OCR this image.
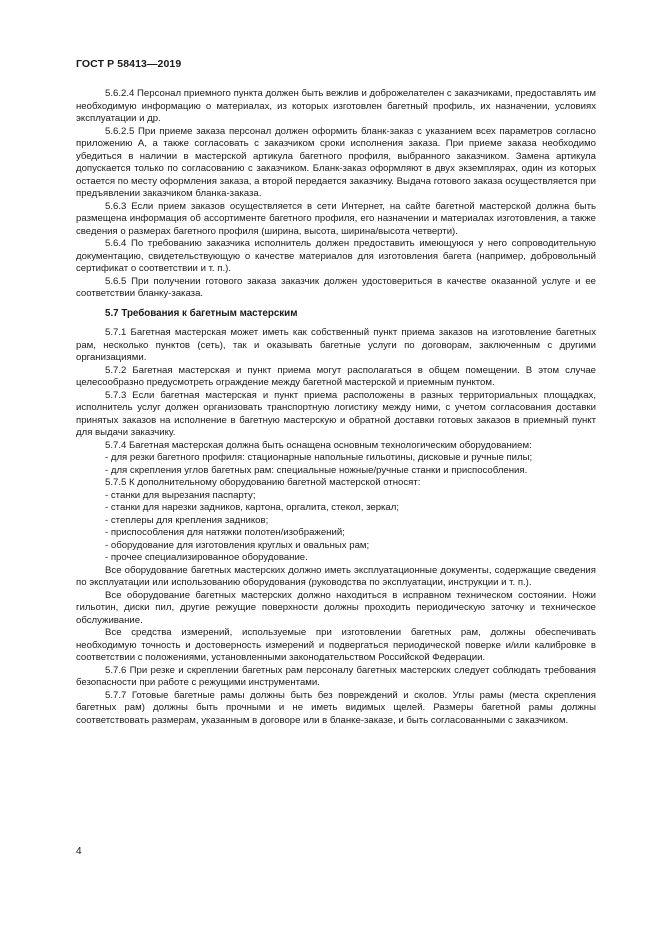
ГОСТ Р 58413—2019

5.6.2.4 Персонал приемного пункта должен быть вежлив и доброжелателен с заказчиками, предоставлять им необходимую информацию о материалах, из которых изготовлен багетный профиль, их назначении, условиях эксплуатации и др.

5.6.2.5 При приеме заказа персонал должен оформить бланк-заказ с указанием всех параметров согласно приложению А, а также согласовать с заказчиком сроки исполнения заказа. При приеме заказа необходимо убедиться в наличии в мастерской артикула багетного профиля, выбранного заказчиком. Замена артикула допускается только по согласованию с заказчиком. Бланк-заказ оформляют в двух экземплярах, один из которых остается по месту оформления заказа, а второй передается заказчику. Выдача готового заказа осуществляется при предъявлении заказчиком бланка-заказа.

5.6.3 Если прием заказов осуществляется в сети Интернет, на сайте багетной мастерской должна быть размещена информация об ассортименте багетного профиля, его назначении и материалах изготовления, а также сведения о размерах багетного профиля (ширина, высота, ширина/высота четверти).

5.6.4 По требованию заказчика исполнитель должен предоставить имеющуюся у него сопроводительную документацию, свидетельствующую о качестве материалов для изготовления багета (например, добровольный сертификат о соответствии и т. п.).

5.6.5 При получении готового заказа заказчик должен удостовериться в качестве оказанной услуге и ее соответствии бланку-заказа.

5.7 Требования к багетным мастерским

5.7.1 Багетная мастерская может иметь как собственный пункт приема заказов на изготовление багетных рам, несколько пунктов (сеть), так и оказывать багетные услуги по договорам, заключенным с другими организациями.

5.7.2 Багетная мастерская и пункт приема могут располагаться в общем помещении. В этом случае целесообразно предусмотреть ограждение между багетной мастерской и приемным пунктом.

5.7.3 Если багетная мастерская и пункт приема расположены в разных территориальных площадках, исполнитель услуг должен организовать транспортную логистику между ними, с учетом согласования доставки принятых заказов на исполнение в багетную мастерскую и обратной доставки готовых заказов в приемный пункт для выдачи заказчику.

5.7.4 Багетная мастерская должна быть оснащена основным технологическим оборудованием:

- для резки багетного профиля: стационарные напольные гильотины, дисковые и ручные пилы;

- для скрепления углов багетных рам: специальные ножные/ручные станки и приспособления.

5.7.5 К дополнительному оборудованию багетной мастерской относят:

- станки для вырезания паспарту;

- станки для нарезки задников, картона, оргалита, стекол, зеркал;

- степлеры для крепления задников;

- приспособления для натяжки полотен/изображений;

- оборудование для изготовления круглых и овальных рам;

- прочее специализированное оборудование.

Все оборудование багетных мастерских должно иметь эксплуатационные документы, содержащие сведения по эксплуатации или использованию оборудования (руководства по эксплуатации, инструкции и т. п.).

Все оборудование багетных мастерских должно находиться в исправном техническом состоянии. Ножи гильотин, диски пил, другие режущие поверхности должны проходить периодическую заточку и техническое обслуживание.

Все средства измерений, используемые при изготовлении багетных рам, должны обеспечивать необходимую точность и достоверность измерений и подвергаться периодической поверке и/или калибровке в соответствии с положениями, установленными законодательством Российской Федерации.

5.7.6 При резке и скреплении багетных рам персоналу багетных мастерских следует соблюдать требования безопасности при работе с режущими инструментами.

5.7.7 Готовые багетные рамы должны быть без повреждений и сколов. Углы рамы (места скрепления багетных рам) должны быть прочными и не иметь видимых щелей. Размеры багетной рамы должны соответствовать размерам, указанным в договоре или в бланке-заказе, и быть согласованными с заказчиком.

4
